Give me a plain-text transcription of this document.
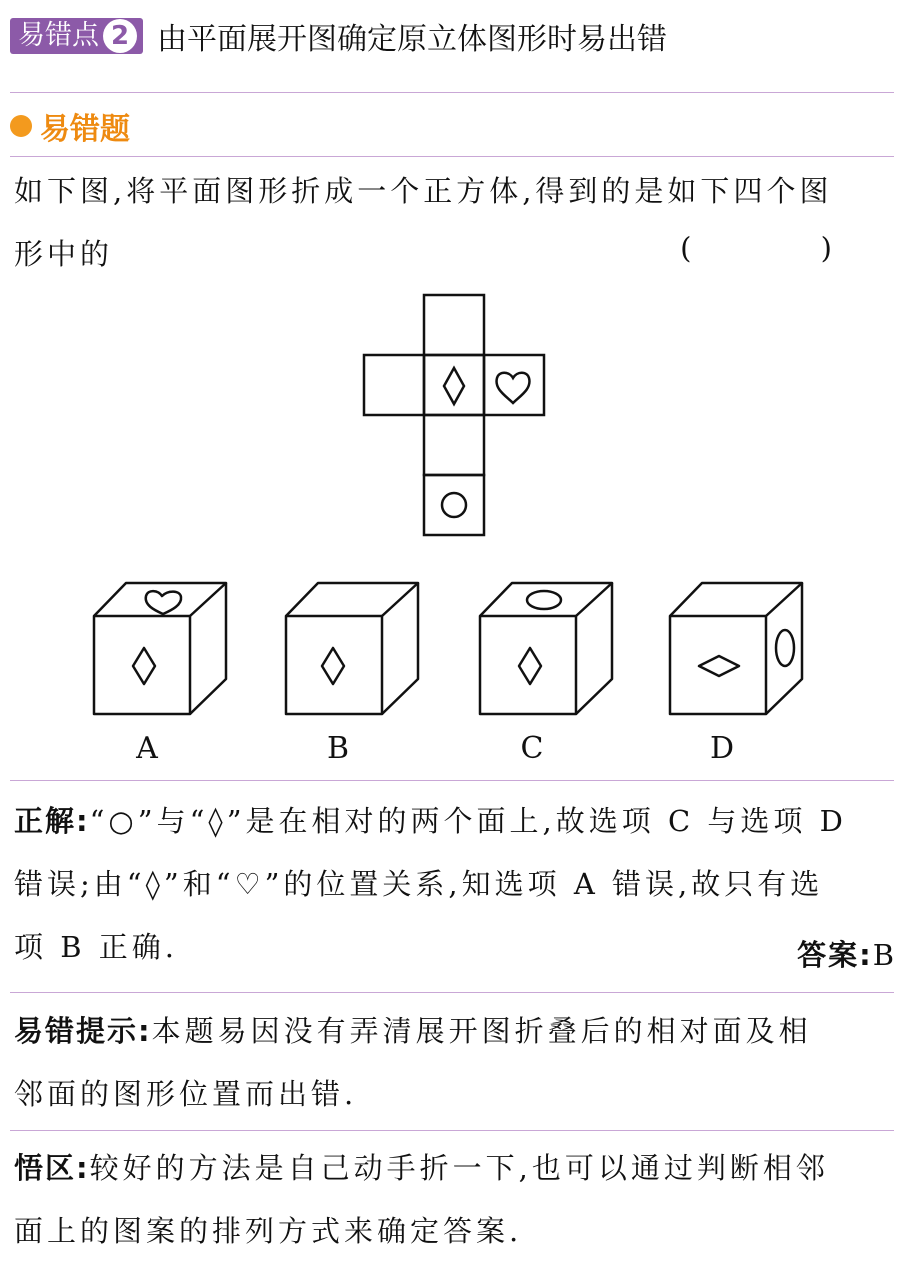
易错点 2 由平面展开图确定原立体图形时易出错
易错题
如下图,将平面图形折成一个正方体,得到的是如下四个图
形中的	( )
A	B	C	D
正解:“○”与“◊”是在相对的两个面上,故选项 C 与选项 D
错误;由“◊”和“♡”的位置关系,知选项 A 错误,故只有选
项 B 正确.	答案:B
易错提示:本题易因没有弄清展开图折叠后的相对面及相
邻面的图形位置而出错.
悟区:较好的方法是自己动手折一下,也可以通过判断相邻
面上的图案的排列方式来确定答案.
